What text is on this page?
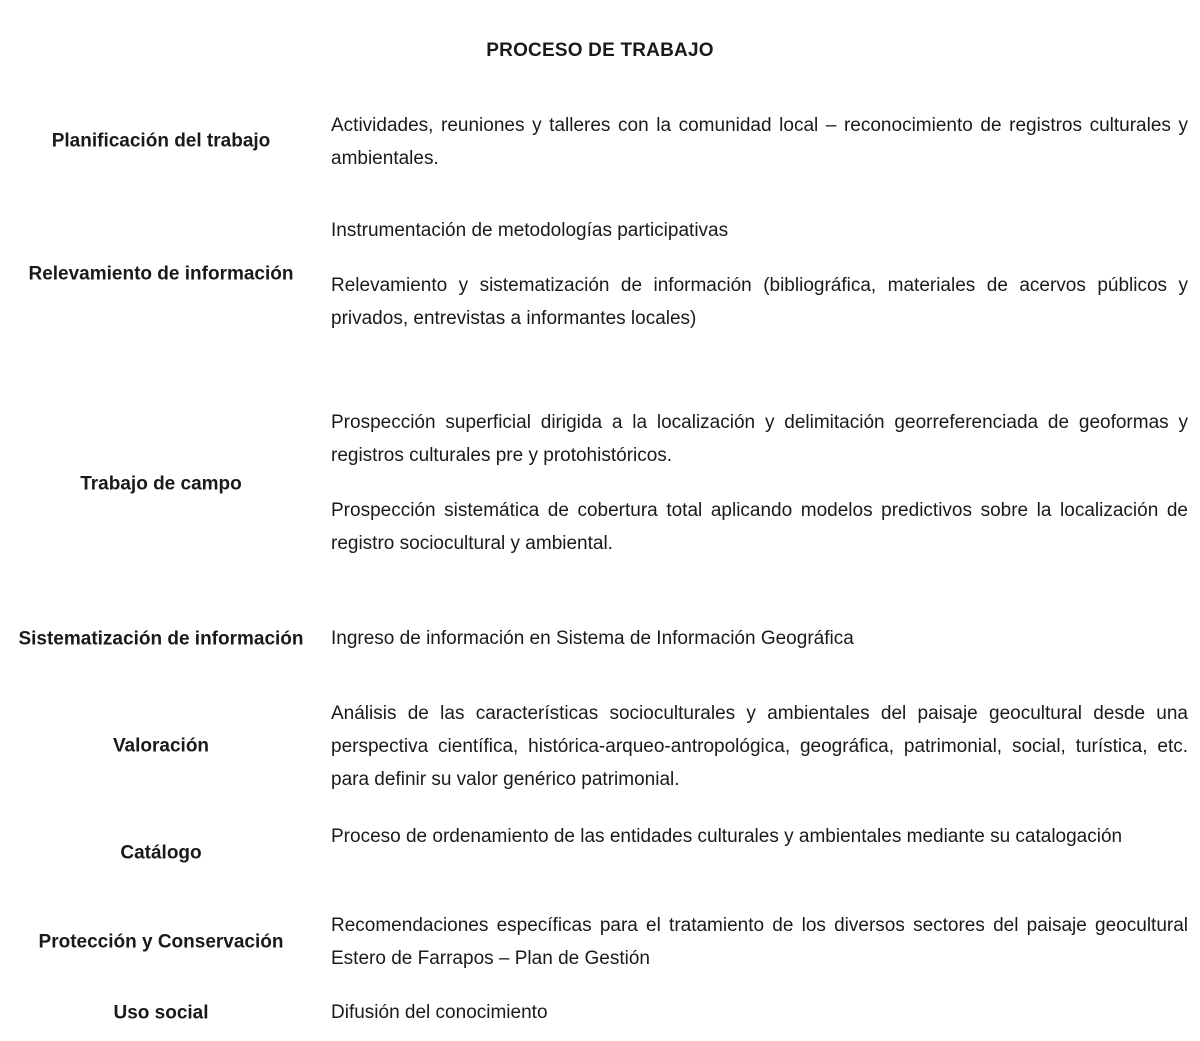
PROCESO DE TRABAJO
Planificación del trabajo

Actividades, reuniones y talleres con la comunidad local – reconocimiento de registros culturales y ambientales.

Relevamiento de información

Instrumentación de metodologías participativas

Relevamiento y sistematización de información (bibliográfica, materiales de acervos públicos y privados, entrevistas a informantes locales)

Trabajo de campo

Prospección superficial dirigida a la localización y delimitación georreferenciada de geoformas y registros culturales pre y protohistóricos.

Prospección sistemática de cobertura total aplicando modelos predictivos sobre la localización de registro sociocultural y ambiental.

Sistematización de información	Ingreso de información en Sistema de Información Geográfica

Valoración

Análisis de las características socioculturales y ambientales del paisaje geocultural desde una perspectiva científica, histórica-arqueo-antropológica, geográfica, patrimonial, social, turística, etc. para definir su valor genérico patrimonial.

Catálogo

Proceso de ordenamiento de las entidades culturales y ambientales mediante su catalogación

Protección y Conservación

Recomendaciones específicas para el tratamiento de los diversos sectores del paisaje geocultural Estero de Farrapos – Plan de Gestión

Uso social	Difusión del conocimiento
